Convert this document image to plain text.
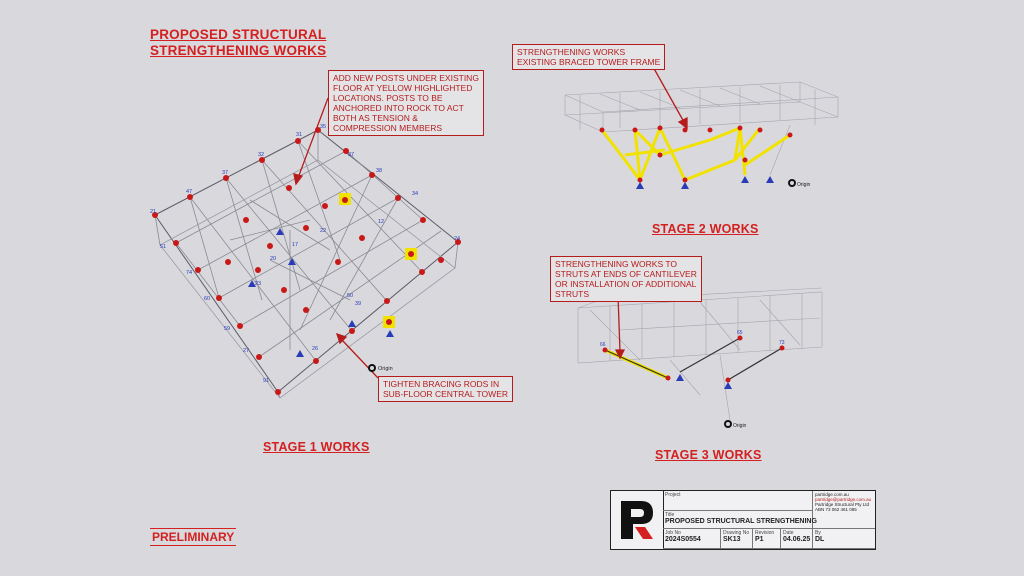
PROPOSED STRUCTURAL
STRENGTHENING WORKS
21
47
37
32
31
35
37
38
34
24
17
20
22
12
23
26
50
39
27
91
74
60
59
51
Origin
Origin
66
65
73
Origin
ADD NEW POSTS UNDER EXISTING
FLOOR AT YELLOW HIGHLIGHTED
LOCATIONS. POSTS TO BE
ANCHORED INTO ROCK TO ACT
BOTH AS TENSION &
COMPRESSION MEMBERS
TIGHTEN BRACING RODS IN
SUB-FLOOR CENTRAL TOWER
STRENGTHENING WORKS
EXISTING BRACED TOWER FRAME
STRENGTHENING WORKS TO
STRUTS AT ENDS OF CANTILEVER
OR INSTALLATION OF ADDITIONAL
STRUTS
STAGE 1 WORKS
STAGE 2 WORKS
STAGE 3 WORKS
PRELIMINARY
Project
Title
PROPOSED STRUCTURAL STRENGTHENING
Job No
2024S0554
Drawing No
SK13
Revision
P1
Date
04.06.25
partridge.com.au
partridge@partridge.com.au
Partridge Structural Pty Ltd
ABN 73 062 461 085
By
DL
